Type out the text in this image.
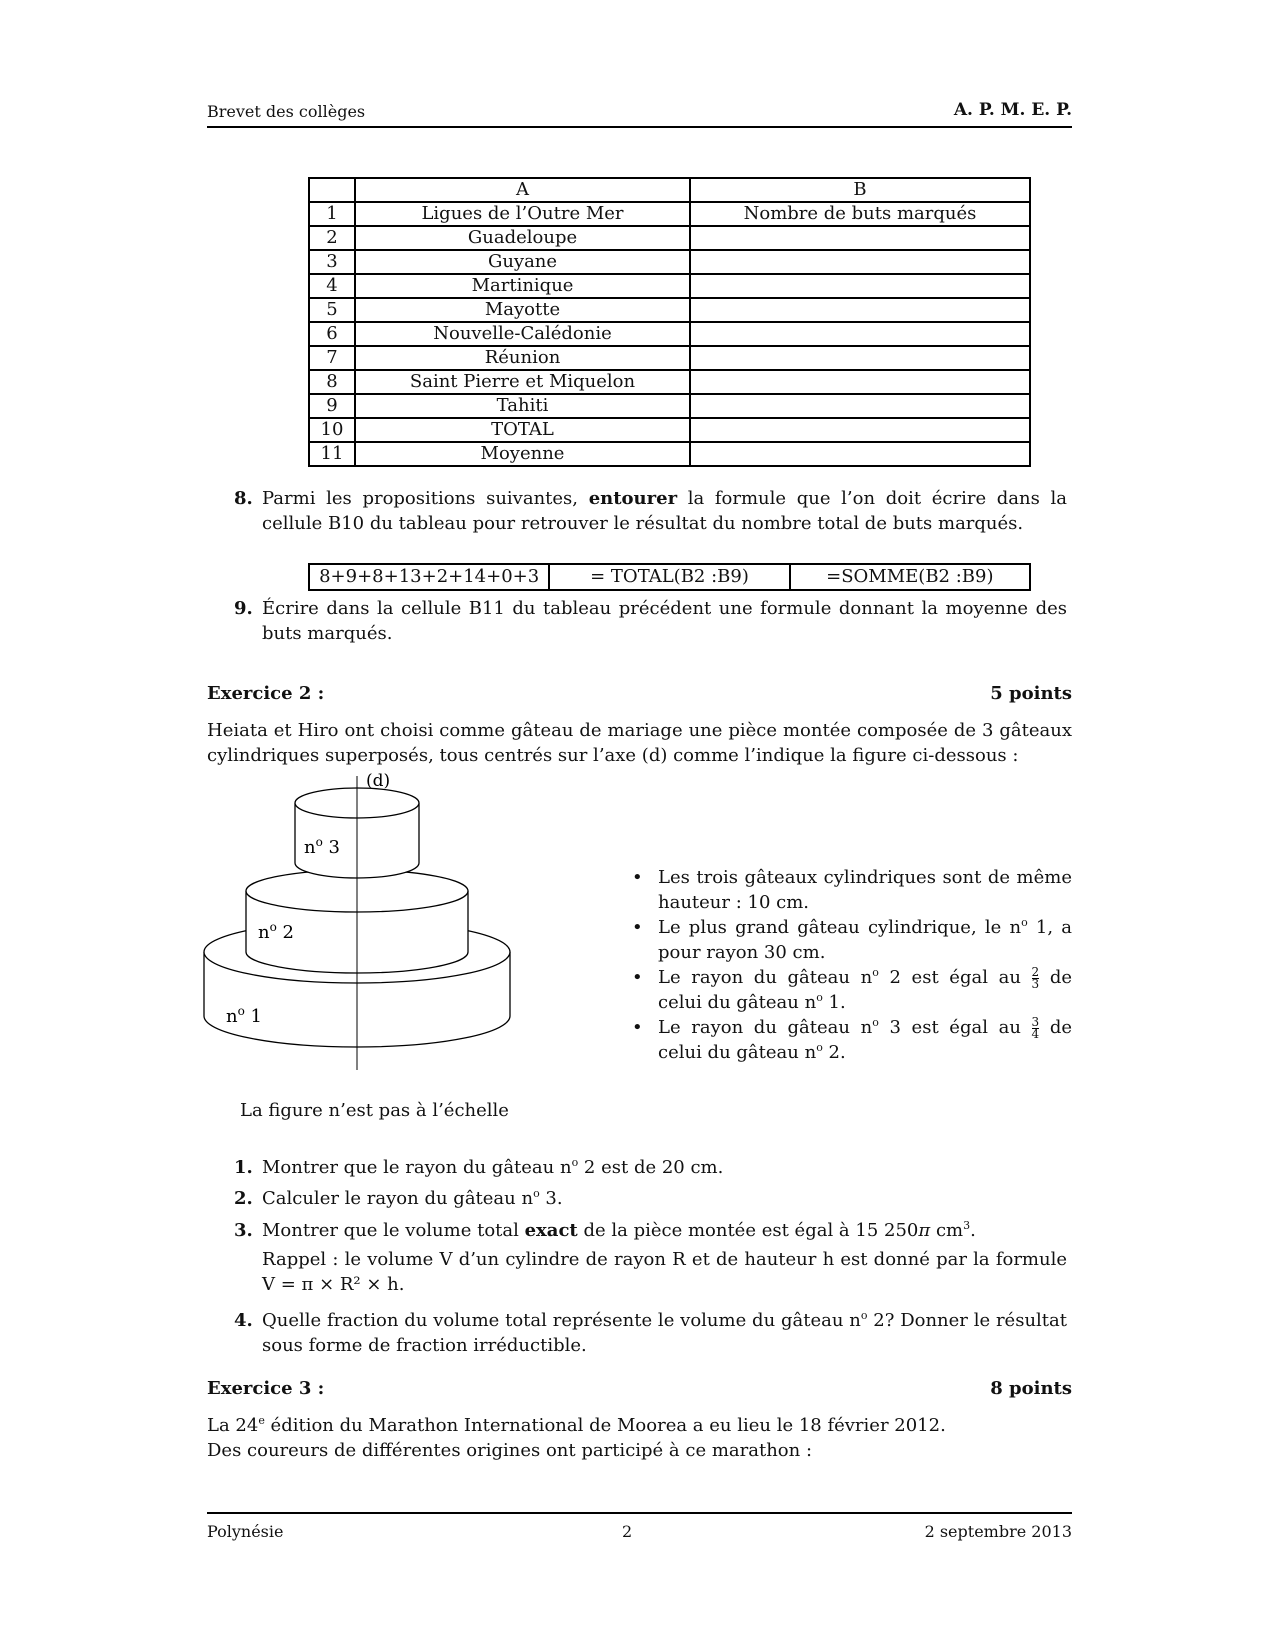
Brevet des collèges	A. P. M. E. P.
	A	B
1	Ligues de l’Outre Mer	Nombre de buts marqués
2	Guadeloupe	
3	Guyane	
4	Martinique	
5	Mayotte	
6	Nouvelle-Calédonie	
7	Réunion	
8	Saint Pierre et Miquelon	
9	Tahiti	
10	TOTAL	
11	Moyenne	
8. Parmi les propositions suivantes, entourer la formule que l’on doit écrire dans la cellule B10 du tableau pour retrouver le résultat du nombre total de buts marqués.
8+9+8+13+2+14+0+3	= TOTAL(B2 :B9)	=SOMME(B2 :B9)
9. Écrire dans la cellule B11 du tableau précédent une formule donnant la moyenne des buts marqués.
Exercice 2 :	5 points
Heiata et Hiro ont choisi comme gâteau de mariage une pièce montée composée de 3 gâteaux cylindriques superposés, tous centrés sur l’axe (d) comme l’indique la figure ci-dessous :
(d)
$n^o$ 3
$n^o$ 2
$n^o$ 1
La figure n’est pas à l’échelle
• Les trois gâteaux cylindriques sont de même hauteur : 10 cm.
• Le plus grand gâteau cylindrique, le $n^o$ 1, a pour rayon 30 cm.
• Le rayon du gâteau $n^o$ 2 est égal au $\frac{2}{3}$ de celui du gâteau $n^o$ 1.
• Le rayon du gâteau $n^o$ 3 est égal au $\frac{3}{4}$ de celui du gâteau $n^o$ 2.
1. Montrer que le rayon du gâteau $n^o$ 2 est de 20 cm.
2. Calculer le rayon du gâteau $n^o$ 3.
3. Montrer que le volume total exact de la pièce montée est égal à 15 250π $cm^3$.
Rappel : le volume V d’un cylindre de rayon R et de hauteur h est donné par la formule V = π × R² × h.
4. Quelle fraction du volume total représente le volume du gâteau $n^o$ 2? Donner le résultat sous forme de fraction irréductible.
Exercice 3 :	8 points
La 24e édition du Marathon International de Moorea a eu lieu le 18 février 2012.
Des coureurs de différentes origines ont participé à ce marathon :
Polynésie	2	2 septembre 2013
